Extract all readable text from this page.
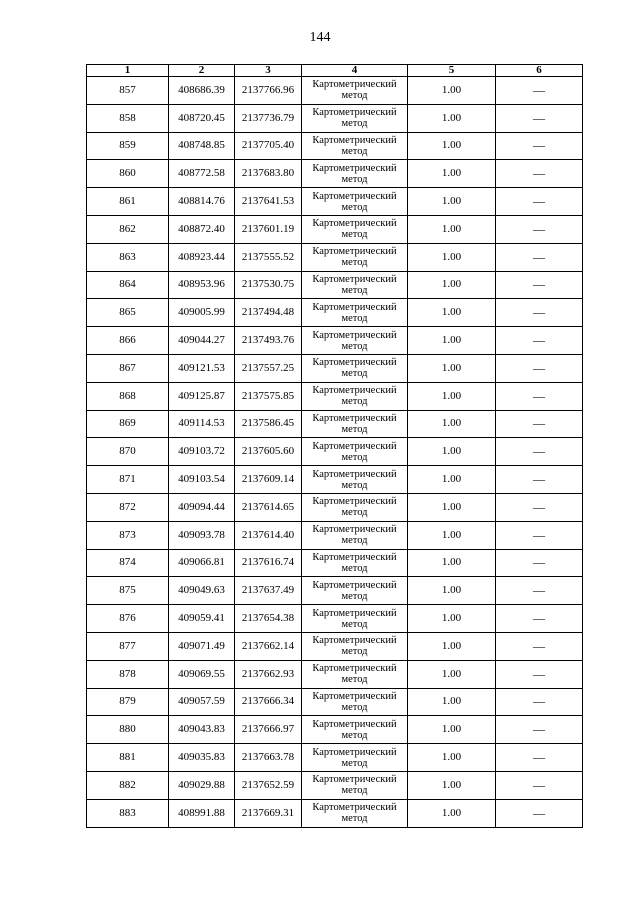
144
1	2	3	4	5	6
857	408686.39	2137766.96	Картометрический метод	1.00	—
858	408720.45	2137736.79	Картометрический метод	1.00	—
859	408748.85	2137705.40	Картометрический метод	1.00	—
860	408772.58	2137683.80	Картометрический метод	1.00	—
861	408814.76	2137641.53	Картометрический метод	1.00	—
862	408872.40	2137601.19	Картометрический метод	1.00	—
863	408923.44	2137555.52	Картометрический метод	1.00	—
864	408953.96	2137530.75	Картометрический метод	1.00	—
865	409005.99	2137494.48	Картометрический метод	1.00	—
866	409044.27	2137493.76	Картометрический метод	1.00	—
867	409121.53	2137557.25	Картометрический метод	1.00	—
868	409125.87	2137575.85	Картометрический метод	1.00	—
869	409114.53	2137586.45	Картометрический метод	1.00	—
870	409103.72	2137605.60	Картометрический метод	1.00	—
871	409103.54	2137609.14	Картометрический метод	1.00	—
872	409094.44	2137614.65	Картометрический метод	1.00	—
873	409093.78	2137614.40	Картометрический метод	1.00	—
874	409066.81	2137616.74	Картометрический метод	1.00	—
875	409049.63	2137637.49	Картометрический метод	1.00	—
876	409059.41	2137654.38	Картометрический метод	1.00	—
877	409071.49	2137662.14	Картометрический метод	1.00	—
878	409069.55	2137662.93	Картометрический метод	1.00	—
879	409057.59	2137666.34	Картометрический метод	1.00	—
880	409043.83	2137666.97	Картометрический метод	1.00	—
881	409035.83	2137663.78	Картометрический метод	1.00	—
882	409029.88	2137652.59	Картометрический метод	1.00	—
883	408991.88	2137669.31	Картометрический метод	1.00	—
